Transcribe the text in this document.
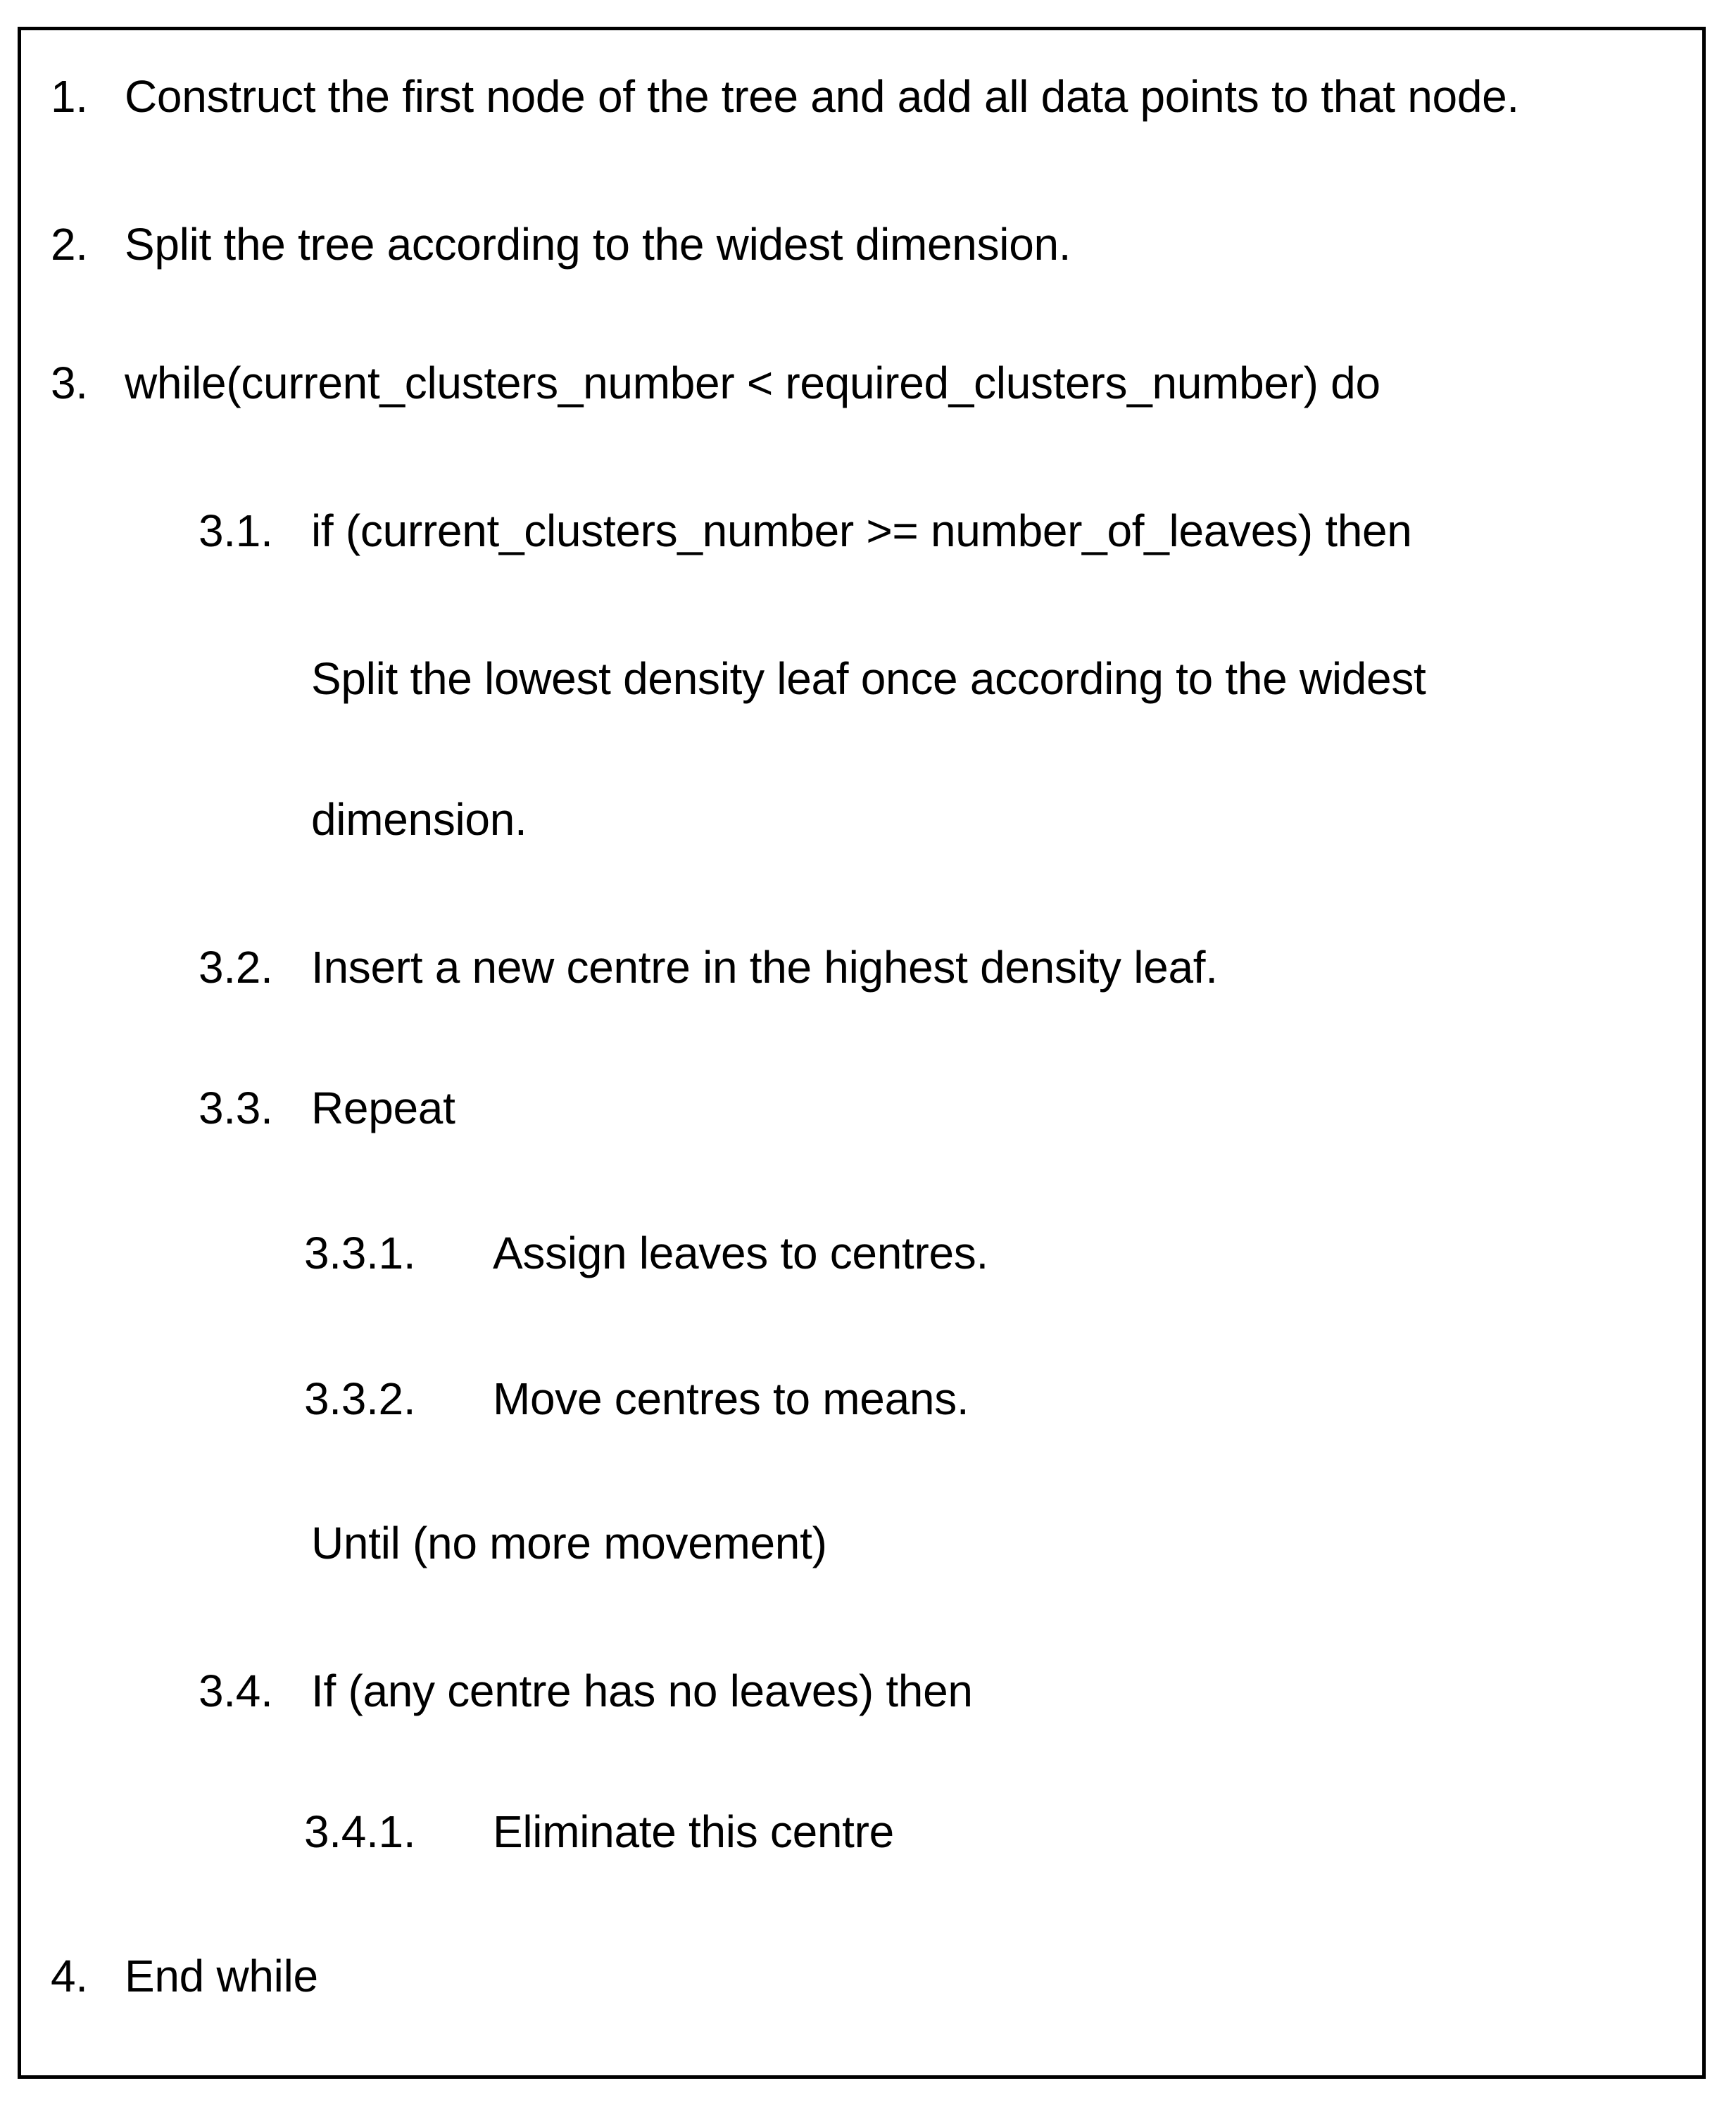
1. Construct the first node of the tree and add all data points to that node.
2. Split the tree according to the widest dimension.
3. while(current_clusters_number < required_clusters_number) do
3.1. if (current_clusters_number >= number_of_leaves) then
Split the lowest density leaf once according to the widest
dimension.
3.2. Insert a new centre in the highest density leaf.
3.3. Repeat
3.3.1.	Assign leaves to centres.
3.3.2.	Move centres to means.
Until (no more movement)
3.4. If (any centre has no leaves) then
3.4.1.	Eliminate this centre
4. End while
